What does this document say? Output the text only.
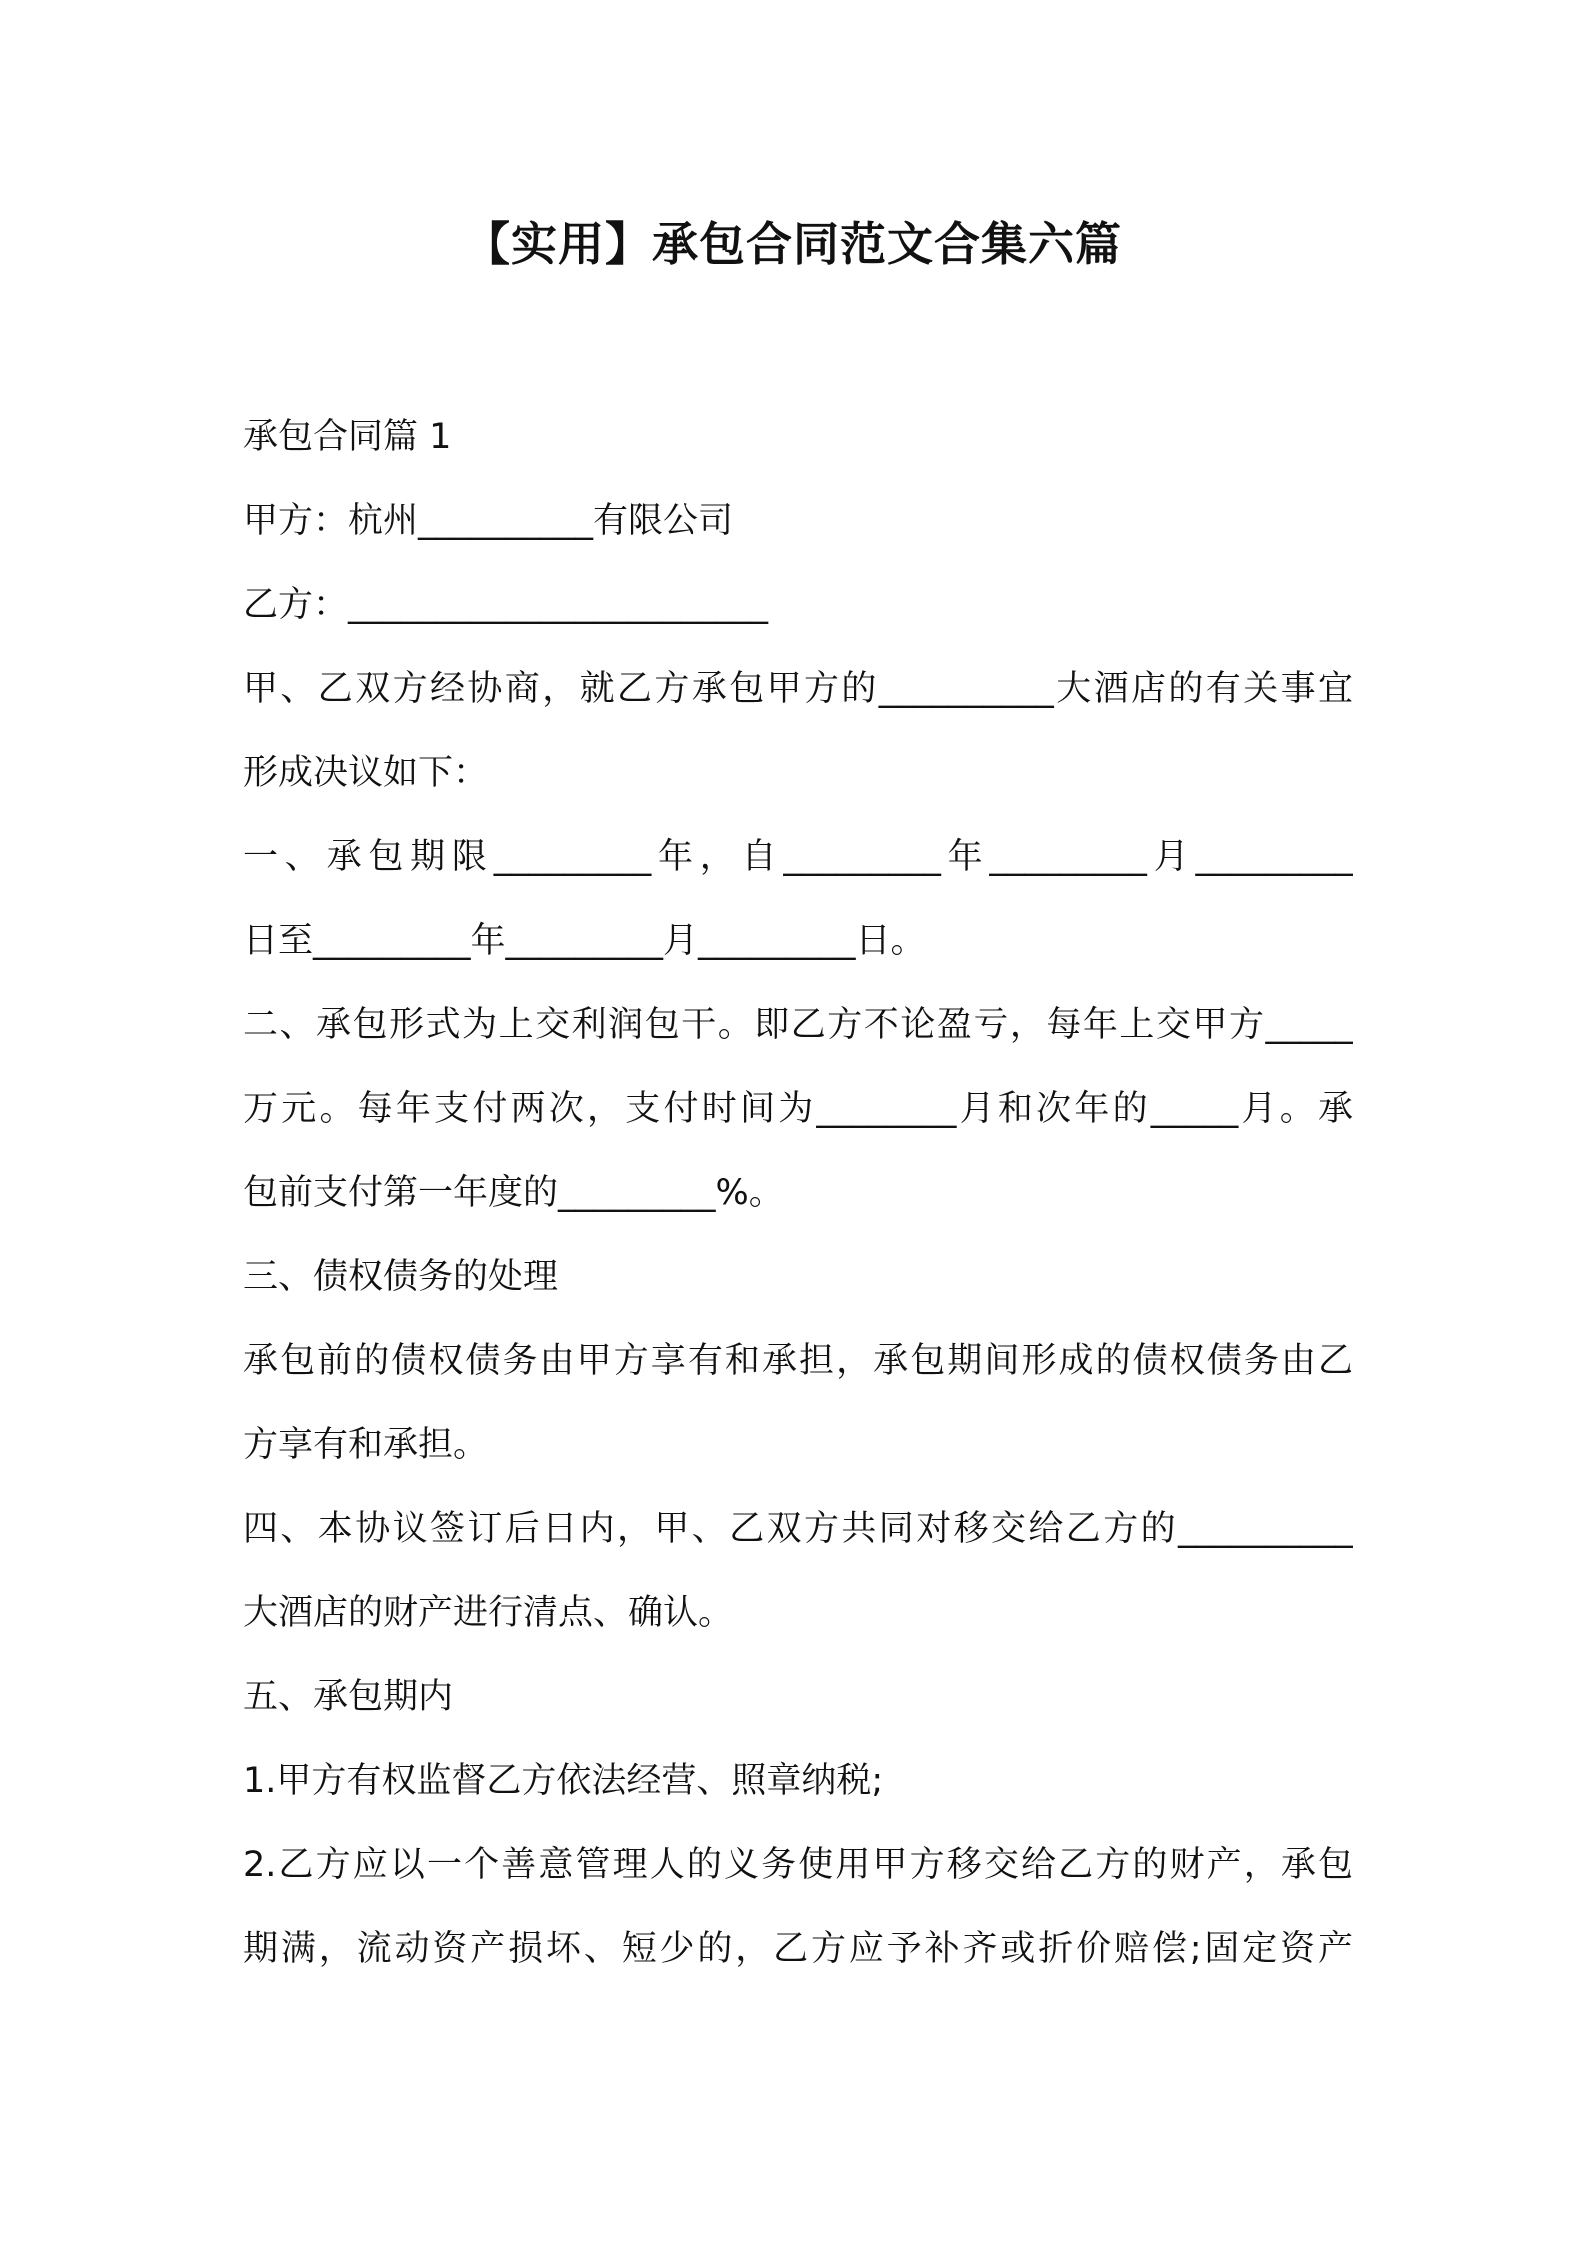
【实用】承包合同范文合集六篇
承包合同篇 1
甲方：杭州__________有限公司
乙方：________________________
甲、乙双方经协商，就乙方承包甲方的__________大酒店的有关事宜
形成决议如下：
一、承包期限_________年，自_________年_________月_________
日至_________年_________月_________日。
二、承包形式为上交利润包干。即乙方不论盈亏，每年上交甲方_____
万元。每年支付两次，支付时间为________月和次年的_____月。承
包前支付第一年度的_________%。
三、债权债务的处理
承包前的债权债务由甲方享有和承担，承包期间形成的债权债务由乙
方享有和承担。
四、本协议签订后日内，甲、乙双方共同对移交给乙方的__________
大酒店的财产进行清点、确认。
五、承包期内
1.甲方有权监督乙方依法经营、照章纳税;
2.乙方应以一个善意管理人的义务使用甲方移交给乙方的财产，承包
期满，流动资产损坏、短少的，乙方应予补齐或折价赔偿;固定资产
